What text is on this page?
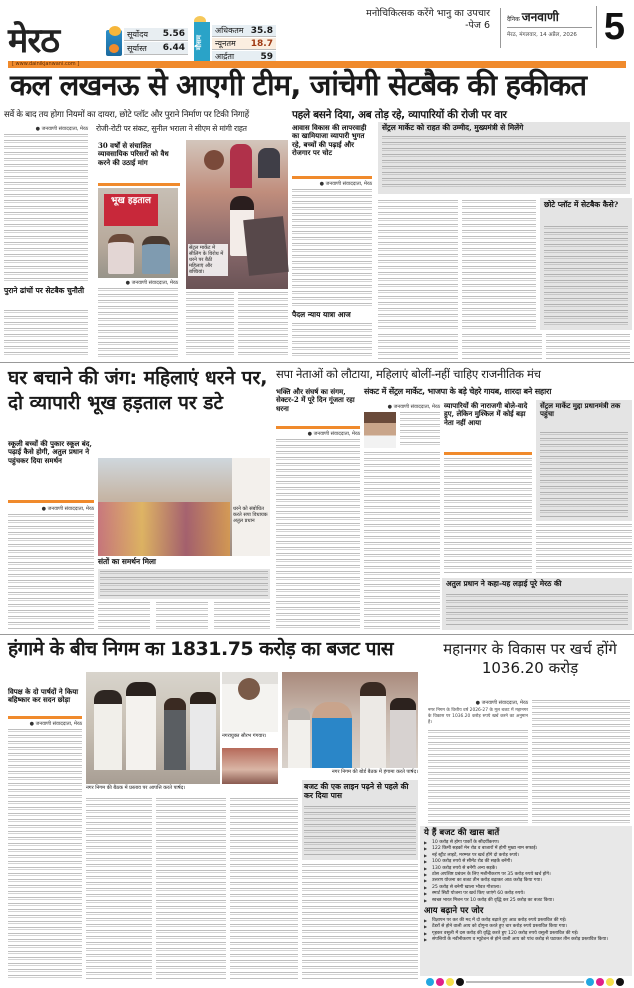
मेरठ	सूर्योदय 5.56
सूर्यास्त 6.44 मौसम
अधिकतम 35.8
न्यूनतम 18.7
आर्द्रता	59
मनोचिकित्सक करेंगे भानु का उपचार
-पेज 6
दैनिक जनवाणी
मेरठ, मंगलवार, 14 अप्रैल, 2026 5
[ www.dainikjanwani.com ]
कल लखनऊ से आएगी टीम, जांचेगी सेटबैक की हकीकत
सर्वे के बाद तय होगा नियमों का दायरा, छोटे प्लॉट और पुराने निर्माण पर टिकी निगाहें	पहले बसने दिया, अब तोड़ रहे, व्यापारियों की रोजी पर वार
● जनवाणी संवाददाता, मेरठ
पुराने ढांचों पर सेटबैक चुनौती
रोजी-रोटी पर संकट, सुनील भराला ने सीएम से मांगी राहत
30 वर्षों से संचालित व्यावसायिक परिसरों को वैध करने की उठाई मांग
भूख हड़ताल
● जनवाणी संवाददाता, मेरठ
सेंट्रल मार्केट में सीलिंग के विरोध में धरने पर बैठी महिलाएं और बच्चियां।
आवास विकास की लापरवाही का खामियाजा व्यापारी भुगत रहे, बच्चों की पढ़ाई और रोजगार पर चोट
● जनवाणी संवाददाता, मेरठ
पैदल न्याय यात्रा आज
सेंट्रल मार्केट को राहत की उम्मीद, मुख्यमंत्री से मिलेंगे
छोटे प्लॉट में सेटबैक कैसे?
घर बचाने की जंग: महिलाएं धरने पर, दो व्यापारी भूख हड़ताल पर डटे
स्कूली बच्चों की पुकार स्कूल बंद, पढ़ाई कैसे होगी, अतुल प्रधान ने पहुंचकर दिया समर्थन
● जनवाणी संवाददाता, मेरठ	धरने को संबोधित करते सपा विधायक अतुल प्रधान
संतों का समर्थन मिला
सपा नेताओं को लौटाया, महिलाएं बोलीं-नहीं चाहिए राजनीतिक मंच
संकट में सेंट्रल मार्केट, भाजपा के बड़े चेहरे गायब, शारदा बने सहारा
भक्ति और संघर्ष का संगम, सेक्टर-2 में पूरे दिन गूंजता रहा धरना
● जनवाणी संवाददाता, मेरठ
● जनवाणी संवाददाता, मेरठ व्यापारियों की नाराजगी बोले-वादे हुए, लेकिन मुश्किल में कोई बड़ा नेता नहीं आया
सेंट्रल मार्केट मुद्दा प्रधानमंत्री तक पहुंचा
अतुल प्रधान ने कहा-यह लड़ाई पूरे मेरठ की
हंगामे के बीच निगम का 1831.75 करोड़ का बजट पास
विपक्ष के दो पार्षदों ने किया बहिष्कार कर सदन छोड़ा
● जनवाणी संवाददाता, मेरठ
नगर निगम की बैठक में प्रस्ताव पर आपत्ति करते पार्षद।
नगरायुक्त सौरभ गंगवार।
नगर निगम की बोर्ड बैठक में हंगामा करते पार्षद।
बजट की एक लाइन पढ़ने से पहले की कर दिया पास
महानगर के विकास पर खर्च होंगे 1036.20 करोड़
● जनवाणी संवाददाता, मेरठ
नगर निगम के वित्तीय वर्ष 2026-27 के मूल बजट में महानगर के विकास पर 1036.20 करोड़ रुपये खर्च करने का अनुमान है।
ये हैं बजट की खास बातें
▶ 10 करोड़ से होगा पार्कों के सौंदर्यीकरण।
▶ 122 किमी सड़कों मेन रोड व बाजारों में होगी मुख्य नाम सफाई।
▶ नई स्ट्रीट लाइटें, मरम्मत पर खर्च होंगे दो करोड़ रुपये।
▶ 100 करोड़ रुपये से सीमेंट रोड की सड़कें बनेंगी।
▶ 130 करोड़ रुपये से बनेंगी अन्य सड़कें।
▶ ठोस अपशिष्ट प्रबंधन के लिए मशीनीकरण पर 35 करोड़ रुपये खर्च होंगे।
▶ उत्तरण योजना का बजट तीन करोड़ बढ़ाकर आठ करोड़ किया गया।
▶ 25 करोड़ से बनेगी खाला भौवत गौशाला।
▶ स्मार्ट सिटी योजना पर खर्च किए जाएंगे 60 करोड़ रुपये।
▶ स्वच्छ भारत मिशन पर 10 करोड़ की वृद्धि कर 25 करोड़ का बजट किया।
आय बढ़ाने पर जोर
▶ विज्ञापन पर कर की मद में दो करोड़ बढ़ाते हुए आठ करोड़ रुपये प्रस्तावित की गई।
▶ टेंडरों से होने वाली आय को दोगुना करते हुए चार करोड़ रुपये प्रस्तावित किया गया।
▶ गृहकर वसूली में दस करोड़ की वृद्धि करते हुए 120 करोड़ रुपये वसूली प्रस्तावित की गई।
▶ संपत्तियों के नवीनीकरण व म्यूटेशन से होने वाली आय को पांच करोड़ से घटाकर तीन करोड़ प्रस्तावित किया।
